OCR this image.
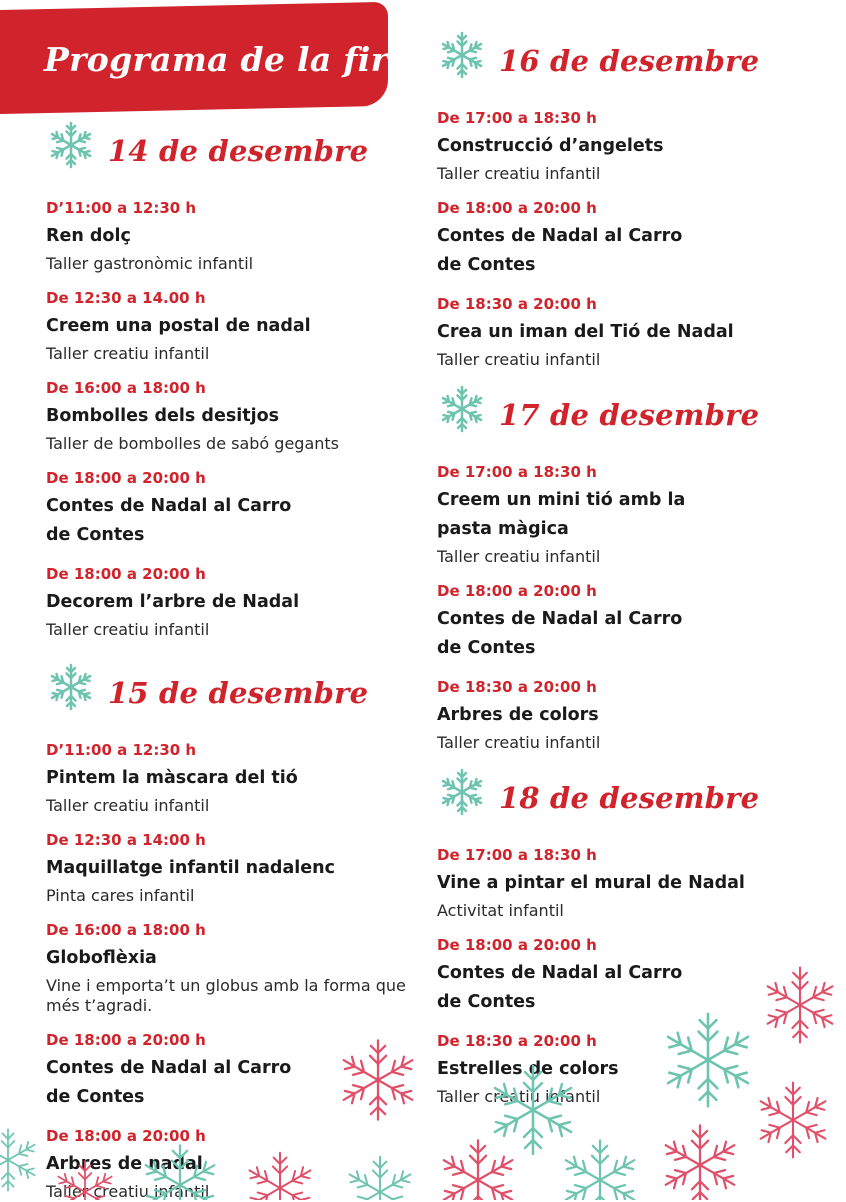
Programa de la fira:
14 de desembre
D’11:00 a 12:30 h
Ren dolç
Taller gastronòmic infantil
De 12:30 a 14.00 h
Creem una postal de nadal
Taller creatiu infantil
De 16:00 a 18:00 h
Bombolles dels desitjos
Taller de bombolles de sabó gegants
De 18:00 a 20:00 h
Contes de Nadal al Carro de Contes
De 18:00 a 20:00 h
Decorem l’arbre de Nadal
Taller creatiu infantil
15 de desembre
D’11:00 a 12:30 h
Pintem la màscara del tió
Taller creatiu infantil
De 12:30 a 14:00 h
Maquillatge infantil nadalenc
Pinta cares infantil
De 16:00 a 18:00 h
Globoflèxia
Vine i emporta’t un globus amb la forma que més t’agradi.
De 18:00 a 20:00 h
Contes de Nadal al Carro de Contes
De 18:00 a 20:00 h
Arbres de nadal
Taller creatiu infantil
16 de desembre
De 17:00 a 18:30 h
Construcció d’angelets
Taller creatiu infantil
De 18:00 a 20:00 h
Contes de Nadal al Carro de Contes
De 18:30 a 20:00 h
Crea un iman del Tió de Nadal
Taller creatiu infantil
17 de desembre
De 17:00 a 18:30 h
Creem un mini tió amb la pasta màgica
Taller creatiu infantil
De 18:00 a 20:00 h
Contes de Nadal al Carro de Contes
De 18:30 a 20:00 h
Arbres de colors
Taller creatiu infantil
18 de desembre
De 17:00 a 18:30 h
Vine a pintar el mural de Nadal
Activitat infantil
De 18:00 a 20:00 h
Contes de Nadal al Carro de Contes
De 18:30 a 20:00 h
Estrelles de colors
Taller creatiu infantil
